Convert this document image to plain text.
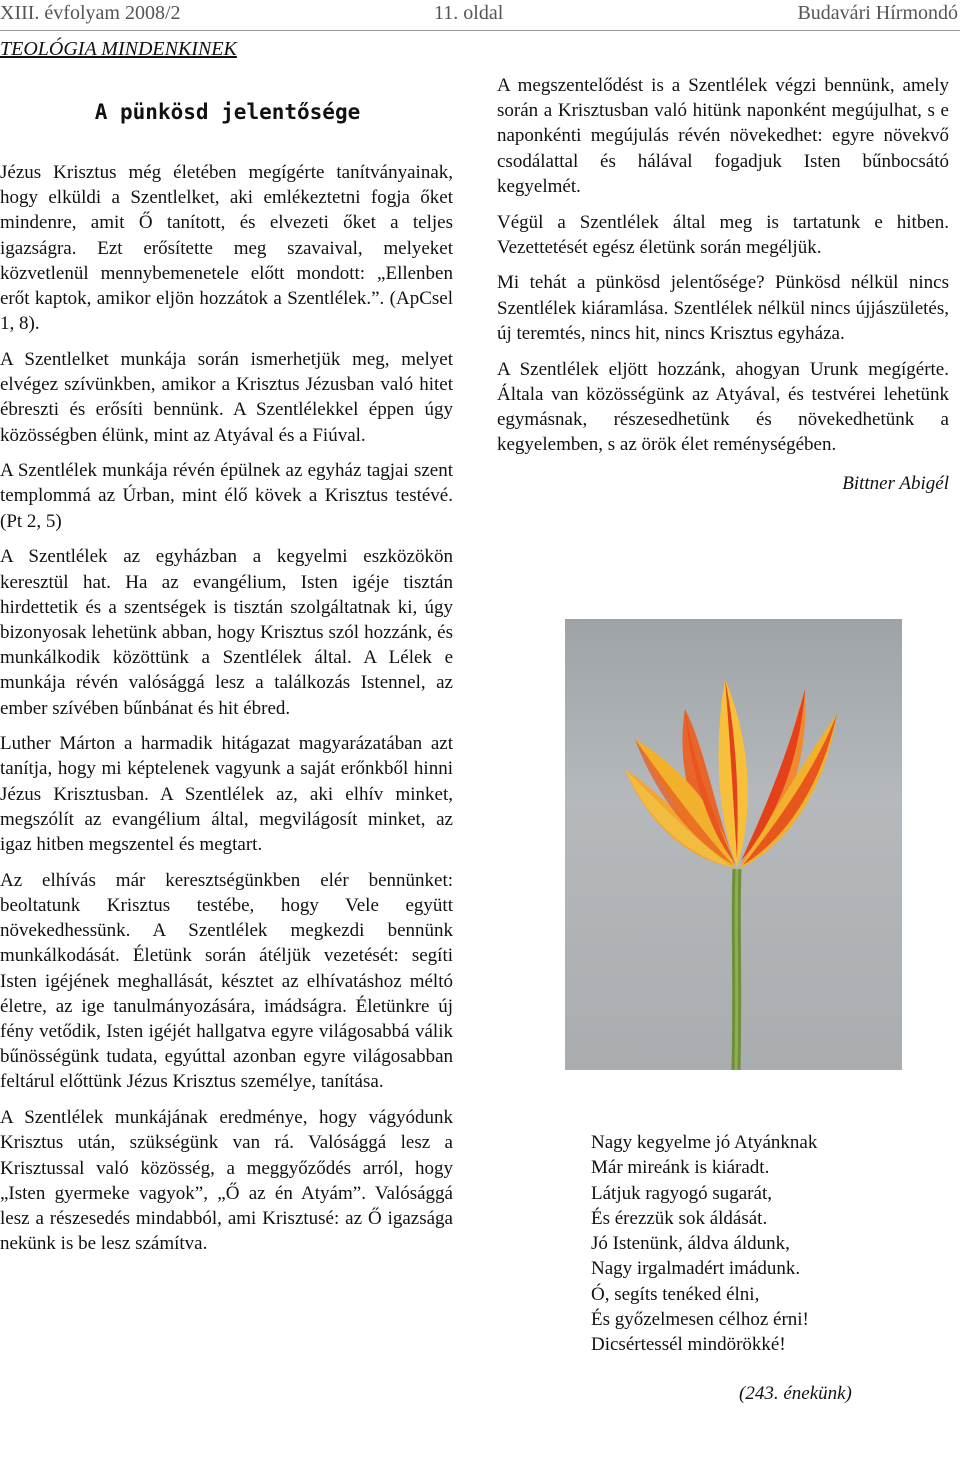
XIII. évfolyam 2008/2	11. oldal	Budavári Hírmondó
TEOLÓGIA MINDENKINEK
A pünkösd jelentősége

Jézus Krisztus még életében megígérte tanítványainak, hogy elküldi a Szentlelket, aki emlékeztetni fogja őket mindenre, amit Ő tanított, és elvezeti őket a teljes igazságra. Ezt erősítette meg szavaival, melyeket közvetlenül mennybemenetele előtt mondott: „Ellenben erőt kaptok, amikor eljön hozzátok a Szentlélek.”. (ApCsel 1, 8).

A Szentlelket munkája során ismerhetjük meg, melyet elvégez szívünkben, amikor a Krisztus Jézusban való hitet ébreszti és erősíti bennünk. A Szentlélekkel éppen úgy közösségben élünk, mint az Atyával és a Fiúval.

A Szentlélek munkája révén épülnek az egyház tagjai szent templommá az Úrban, mint élő kövek a Krisztus testévé. (Pt 2, 5)

A Szentlélek az egyházban a kegyelmi eszközökön keresztül hat. Ha az evangélium, Isten igéje tisztán hirdettetik és a szentségek is tisztán szolgáltatnak ki, úgy bizonyosak lehetünk abban, hogy Krisztus szól hozzánk, és munkálkodik közöttünk a Szentlélek által. A Lélek e munkája révén valósággá lesz a találkozás Istennel, az ember szívében bűnbánat és hit ébred.

Luther Márton a harmadik hitágazat magyarázatában azt tanítja, hogy mi képtelenek vagyunk a saját erőnkből hinni Jézus Krisztusban. A Szentlélek az, aki elhív minket, megszólít az evangélium által, megvilágosít minket, az igaz hitben megszentel és megtart.

Az elhívás már keresztségünkben elér bennünket: beoltatunk Krisztus testébe, hogy Vele együtt növekedhessünk. A Szentlélek megkezdi bennünk munkálkodását. Életünk során átéljük vezetését: segíti Isten igéjének meghallását, késztet az elhívatáshoz méltó életre, az ige tanulmányozására, imádságra. Életünkre új fény vetődik, Isten igéjét hallgatva egyre világosabbá válik bűnösségünk tudata, egyúttal azonban egyre világosabban feltárul előttünk Jézus Krisztus személye, tanítása.

A Szentlélek munkájának eredménye, hogy vágyódunk Krisztus után, szükségünk van rá. Valósággá lesz a Krisztussal való közösség, a meggyőződés arról, hogy „Isten gyermeke vagyok”, „Ő az én Atyám”. Valósággá lesz a részesedés mindabból, ami Krisztusé: az Ő igazsága nekünk is be lesz számítva.

A megszentelődést is a Szentlélek végzi bennünk, amely során a Krisztusban való hitünk naponként megújulhat, s e naponkénti megújulás révén növekedhet: egyre növekvő csodálattal és hálával fogadjuk Isten bűnbocsátó kegyelmét.

Végül a Szentlélek által meg is tartatunk e hitben. Vezettetését egész életünk során megéljük.

Mi tehát a pünkösd jelentősége? Pünkösd nélkül nincs Szentlélek kiáramlása. Szentlélek nélkül nincs újjászületés, új teremtés, nincs hit, nincs Krisztus egyháza.

A Szentlélek eljött hozzánk, ahogyan Urunk megígérte. Általa van közösségünk az Atyával, és testvérei lehetünk egymásnak, részesedhetünk és növekedhetünk a kegyelemben, s az örök élet reménységében.

Bittner Abigél

Nagy kegyelme jó Atyánknak
Már mireánk is kiáradt.
Látjuk ragyogó sugarát,
És érezzük sok áldását.
Jó Istenünk, áldva áldunk,
Nagy irgalmadért imádunk.
Ó, segíts tenéked élni,
És győzelmesen célhoz érni!
Dicsértessél mindörökké!
(243. énekünk)
